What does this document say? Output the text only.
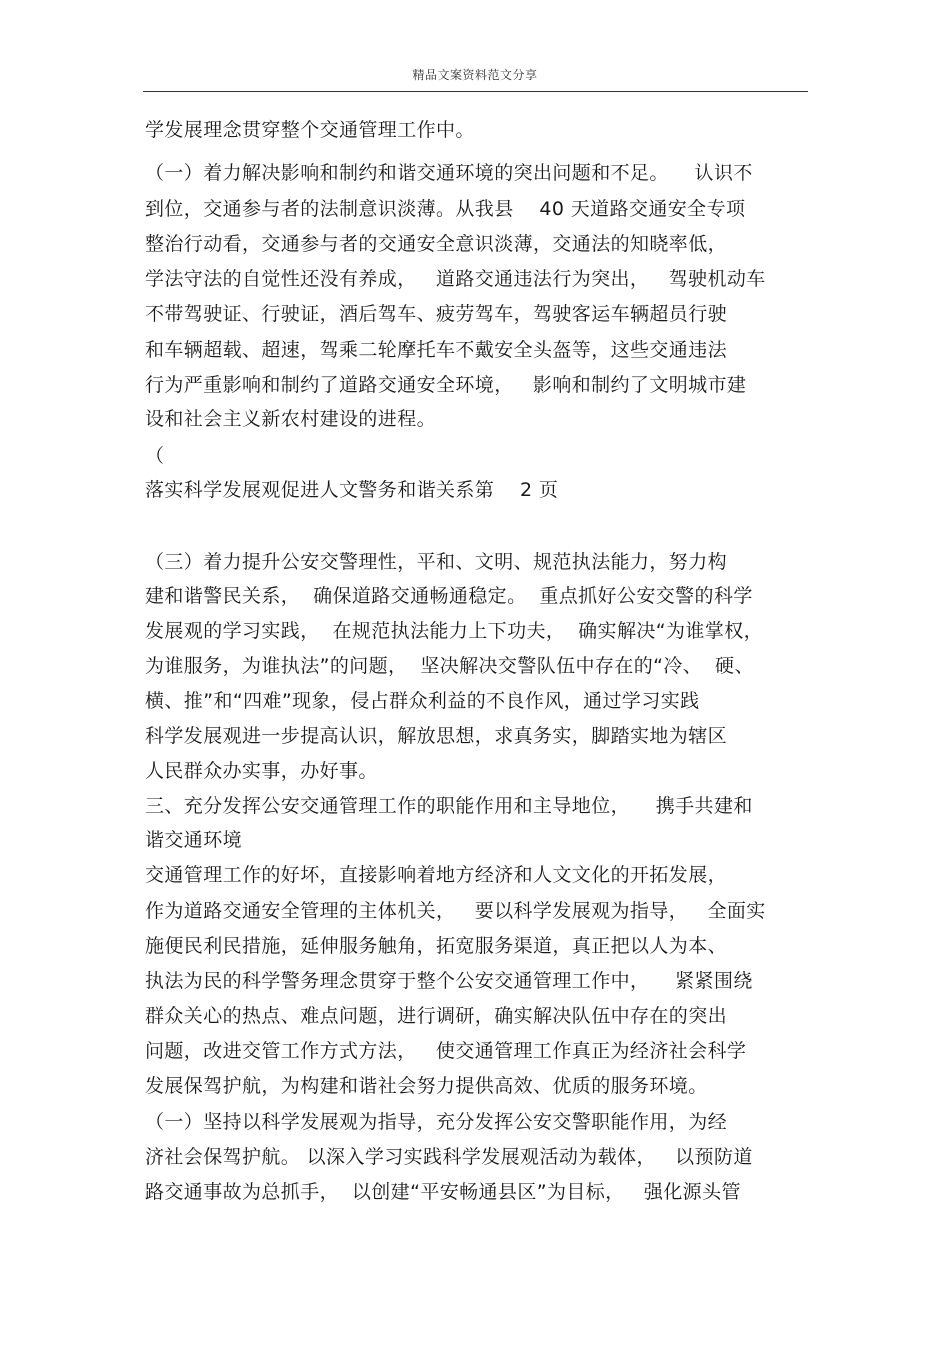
精品文案资料范文分享
学发展理念贯穿整个交通管理工作中。
（一）着力解决影响和制约和谐交通环境的突出问题和不足。    认识不
到位，交通参与者的法制意识淡薄。从我县    40 天道路交通安全专项
整治行动看，交通参与者的交通安全意识淡薄，交通法的知晓率低，
学法守法的自觉性还没有养成，   道路交通违法行为突出，   驾驶机动车
不带驾驶证、行驶证，酒后驾车、疲劳驾车，驾驶客运车辆超员行驶
和车辆超载、超速，驾乘二轮摩托车不戴安全头盔等，这些交通违法
行为严重影响和制约了道路交通安全环境，   影响和制约了文明城市建
设和社会主义新农村建设的进程。
（
落实科学发展观促进人文警务和谐关系第    2 页
（三）着力提升公安交警理性，平和、文明、规范执法能力，努力构
建和谐警民关系，  确保道路交通畅通稳定。  重点抓好公安交警的科学
发展观的学习实践，  在规范执法能力上下功夫，  确实解决“为谁掌权，
为谁服务，为谁执法”的问题，  坚决解决交警队伍中存在的“冷、  硬、
横、推”和“四难”现象，侵占群众利益的不良作风，通过学习实践
科学发展观进一步提高认识，解放思想，求真务实，脚踏实地为辖区
人民群众办实事，办好事。
三、充分发挥公安交通管理工作的职能作用和主导地位，    携手共建和
谐交通环境
交通管理工作的好坏，直接影响着地方经济和人文文化的开拓发展，
作为道路交通安全管理的主体机关，   要以科学发展观为指导，   全面实
施便民利民措施，延伸服务触角，拓宽服务渠道，真正把以人为本、
执法为民的科学警务理念贯穿于整个公安交通管理工作中，    紧紧围绕
群众关心的热点、难点问题，进行调研，确实解决队伍中存在的突出
问题，改进交管工作方式方法，   使交通管理工作真正为经济社会科学
发展保驾护航，为构建和谐社会努力提供高效、优质的服务环境。
（一）坚持以科学发展观为指导，充分发挥公安交警职能作用，为经
济社会保驾护航。 以深入学习实践科学发展观活动为载体，   以预防道
路交通事故为总抓手，  以创建“平安畅通县区”为目标，   强化源头管
